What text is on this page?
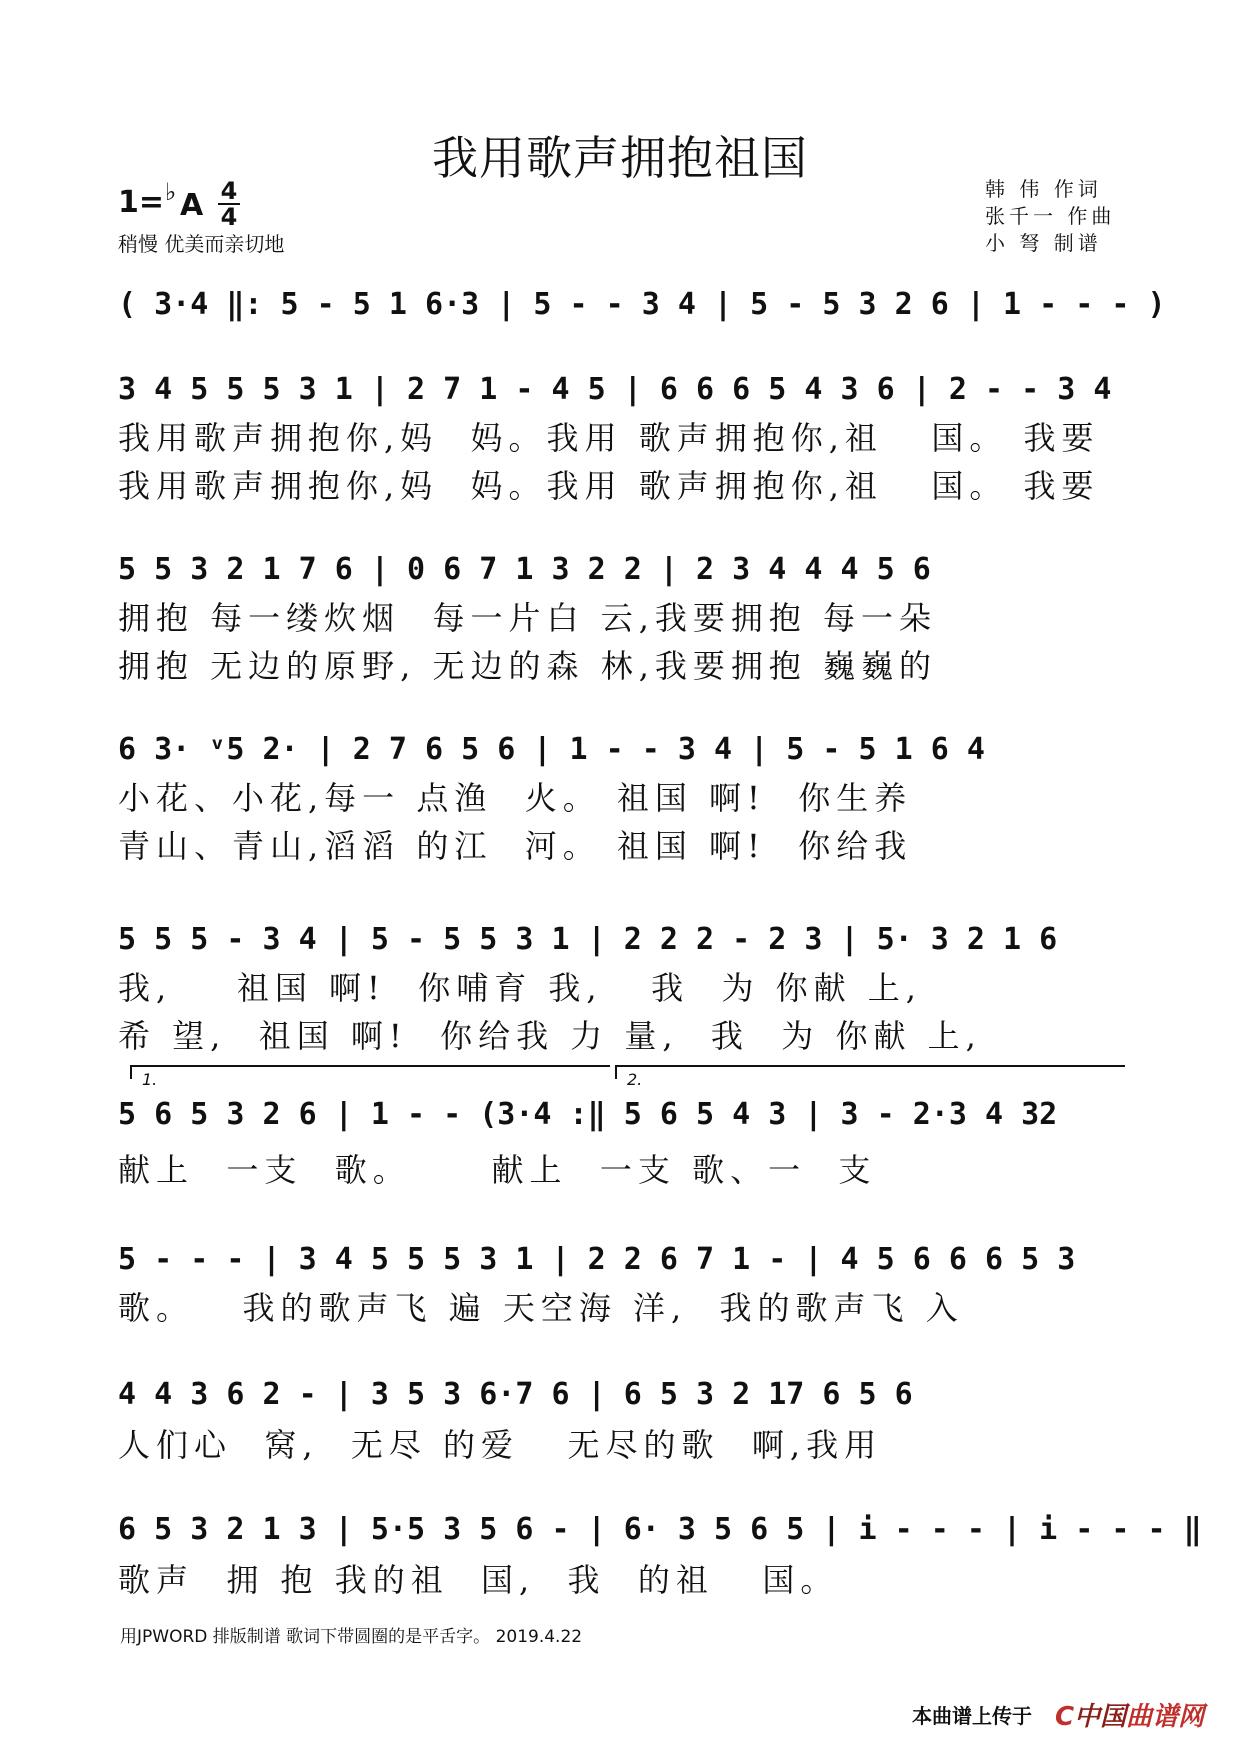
我用歌声拥抱祖国
1= ♭ A 4
4
稍慢 优美而亲切地
韩 伟 作词
张千一 作曲
小 弩 制谱
( 3·4 ‖: 5 - 5 1 6·3 | 5 - - 3 4 | 5 - 5 3 2 6 | 1 - - - )
3 4 5 5 5 3 1 | 2 7 1 - 4 5 | 6 6 6 5 4 3 6 | 2 - - 3 4
我用歌声拥抱你,妈  妈。我用 歌声拥抱你,祖   国。 我要
我用歌声拥抱你,妈  妈。我用 歌声拥抱你,祖   国。 我要
5 5 3 2 1 7 6 | 0 6 7 1 3 2 2 | 2 3 4 4 4 5 6
拥抱 每一缕炊烟  每一片白 云,我要拥抱 每一朵
拥抱 无边的原野, 无边的森 林,我要拥抱 巍巍的
6 3· ᵛ5 2· | 2 7 6 5 6 | 1 - - 3 4 | 5 - 5 1 6 4
小花、小花,每一 点渔  火。 祖国 啊!  你生养
青山、青山,滔滔 的江  河。 祖国 啊!  你给我
5 5 5 - 3 4 | 5 - 5 5 3 1 | 2 2 2 - 2 3 | 5· 3 2 1 6
我,    祖国 啊!  你哺育 我,   我  为 你献 上,
希 望,  祖国 啊!  你给我 力 量,  我  为 你献 上,
1.	2.
5 6 5 3 2 6 | 1 - - (3·4 :‖ 5 6 5 4 3 | 3 - 2·3 4 32
献上  一支  歌。     献上  一支 歌、一  支
5 - - - | 3 4 5 5 5 3 1 | 2 2 6 7 1 - | 4 5 6 6 6 5 3
歌。   我的歌声飞 遍 天空海 洋,  我的歌声飞 入
4 4 3 6 2 - | 3 5 3 6·7 6 | 6 5 3 2 17 6 5 6
人们心  窝,  无尽 的爱   无尽的歌  啊,我用
6 5 3 2 1 3 | 5·5 3 5 6 - | 6· 3 5 6 5 | i - - - | i - - - ‖
歌声  拥 抱 我的祖  国,  我  的祖   国。
用JPWORD 排版制谱 歌词下带圆圈的是平舌字。 2019.4.22
本曲谱上传于 C中国曲谱网
